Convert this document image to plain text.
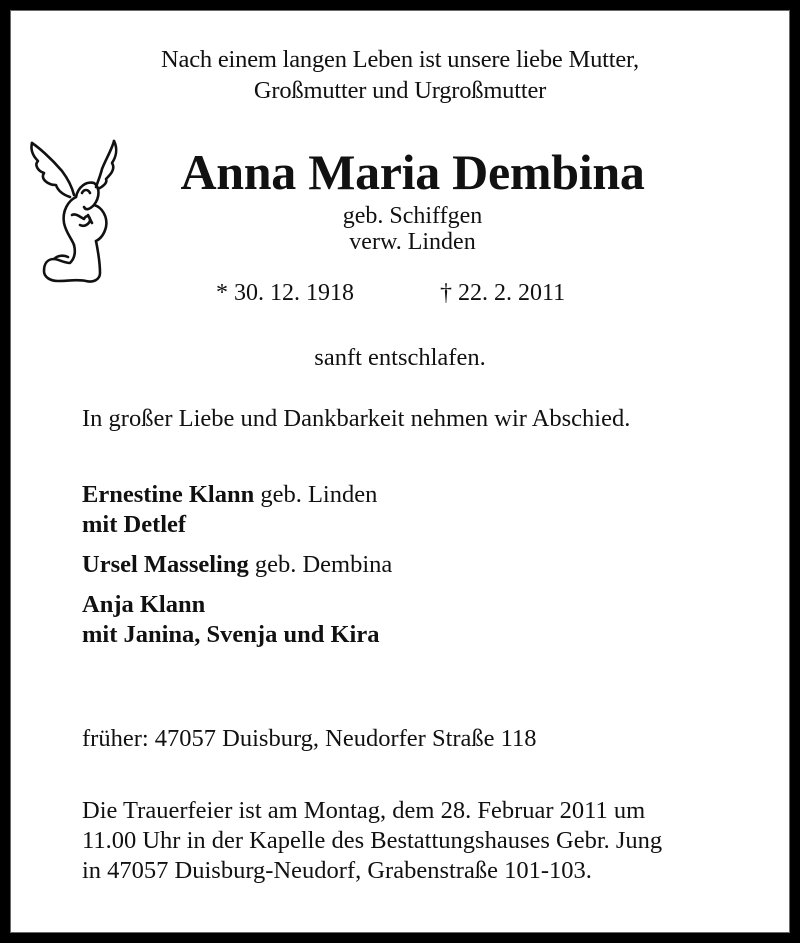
Nach einem langen Leben ist unsere liebe Mutter,
Großmutter und Urgroßmutter
Anna Maria Dembina
geb. Schiffgen
verw. Linden
* 30. 12. 1918	† 22. 2. 2011
sanft entschlafen.
In großer Liebe und Dankbarkeit nehmen wir Abschied.
Ernestine Klann geb. Linden
mit Detlef
Ursel Masseling geb. Dembina
Anja Klann
mit Janina, Svenja und Kira
früher: 47057 Duisburg, Neudorfer Straße 118
Die Trauerfeier ist am Montag, dem 28. Februar 2011 um
11.00 Uhr in der Kapelle des Bestattungshauses Gebr. Jung
in 47057 Duisburg-Neudorf, Grabenstraße 101-103.
